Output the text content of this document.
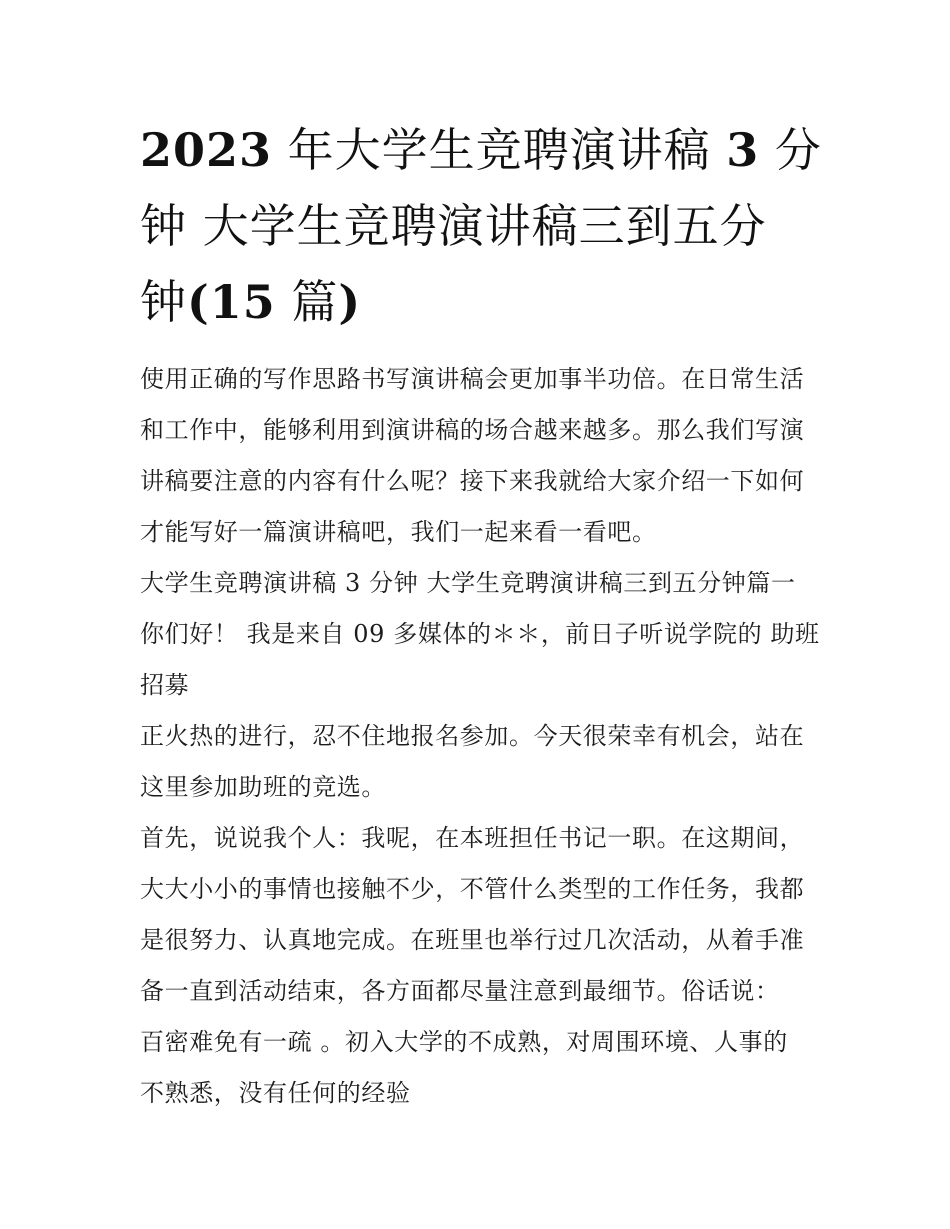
2023 年大学生竞聘演讲稿 3 分
钟 大学生竞聘演讲稿三到五分
钟(15 篇)

使用正确的写作思路书写演讲稿会更加事半功倍。在日常生活
和工作中，能够利用到演讲稿的场合越来越多。那么我们写演
讲稿要注意的内容有什么呢？接下来我就给大家介绍一下如何
才能写好一篇演讲稿吧，我们一起来看一看吧。

大学生竞聘演讲稿 3 分钟 大学生竞聘演讲稿三到五分钟篇一

你们好！ 我是来自 09 多媒体的＊＊，前日子听说学院的 助班
招募

正火热的进行，忍不住地报名参加。今天很荣幸有机会，站在
这里参加助班的竞选。

首先，说说我个人：我呢，在本班担任书记一职。在这期间，
大大小小的事情也接触不少，不管什么类型的工作任务，我都
是很努力、认真地完成。在班里也举行过几次活动，从着手准
备一直到活动结束，各方面都尽量注意到最细节。俗话说：
百密难免有一疏 。初入大学的不成熟，对周围环境、人事的
不熟悉，没有任何的经验
